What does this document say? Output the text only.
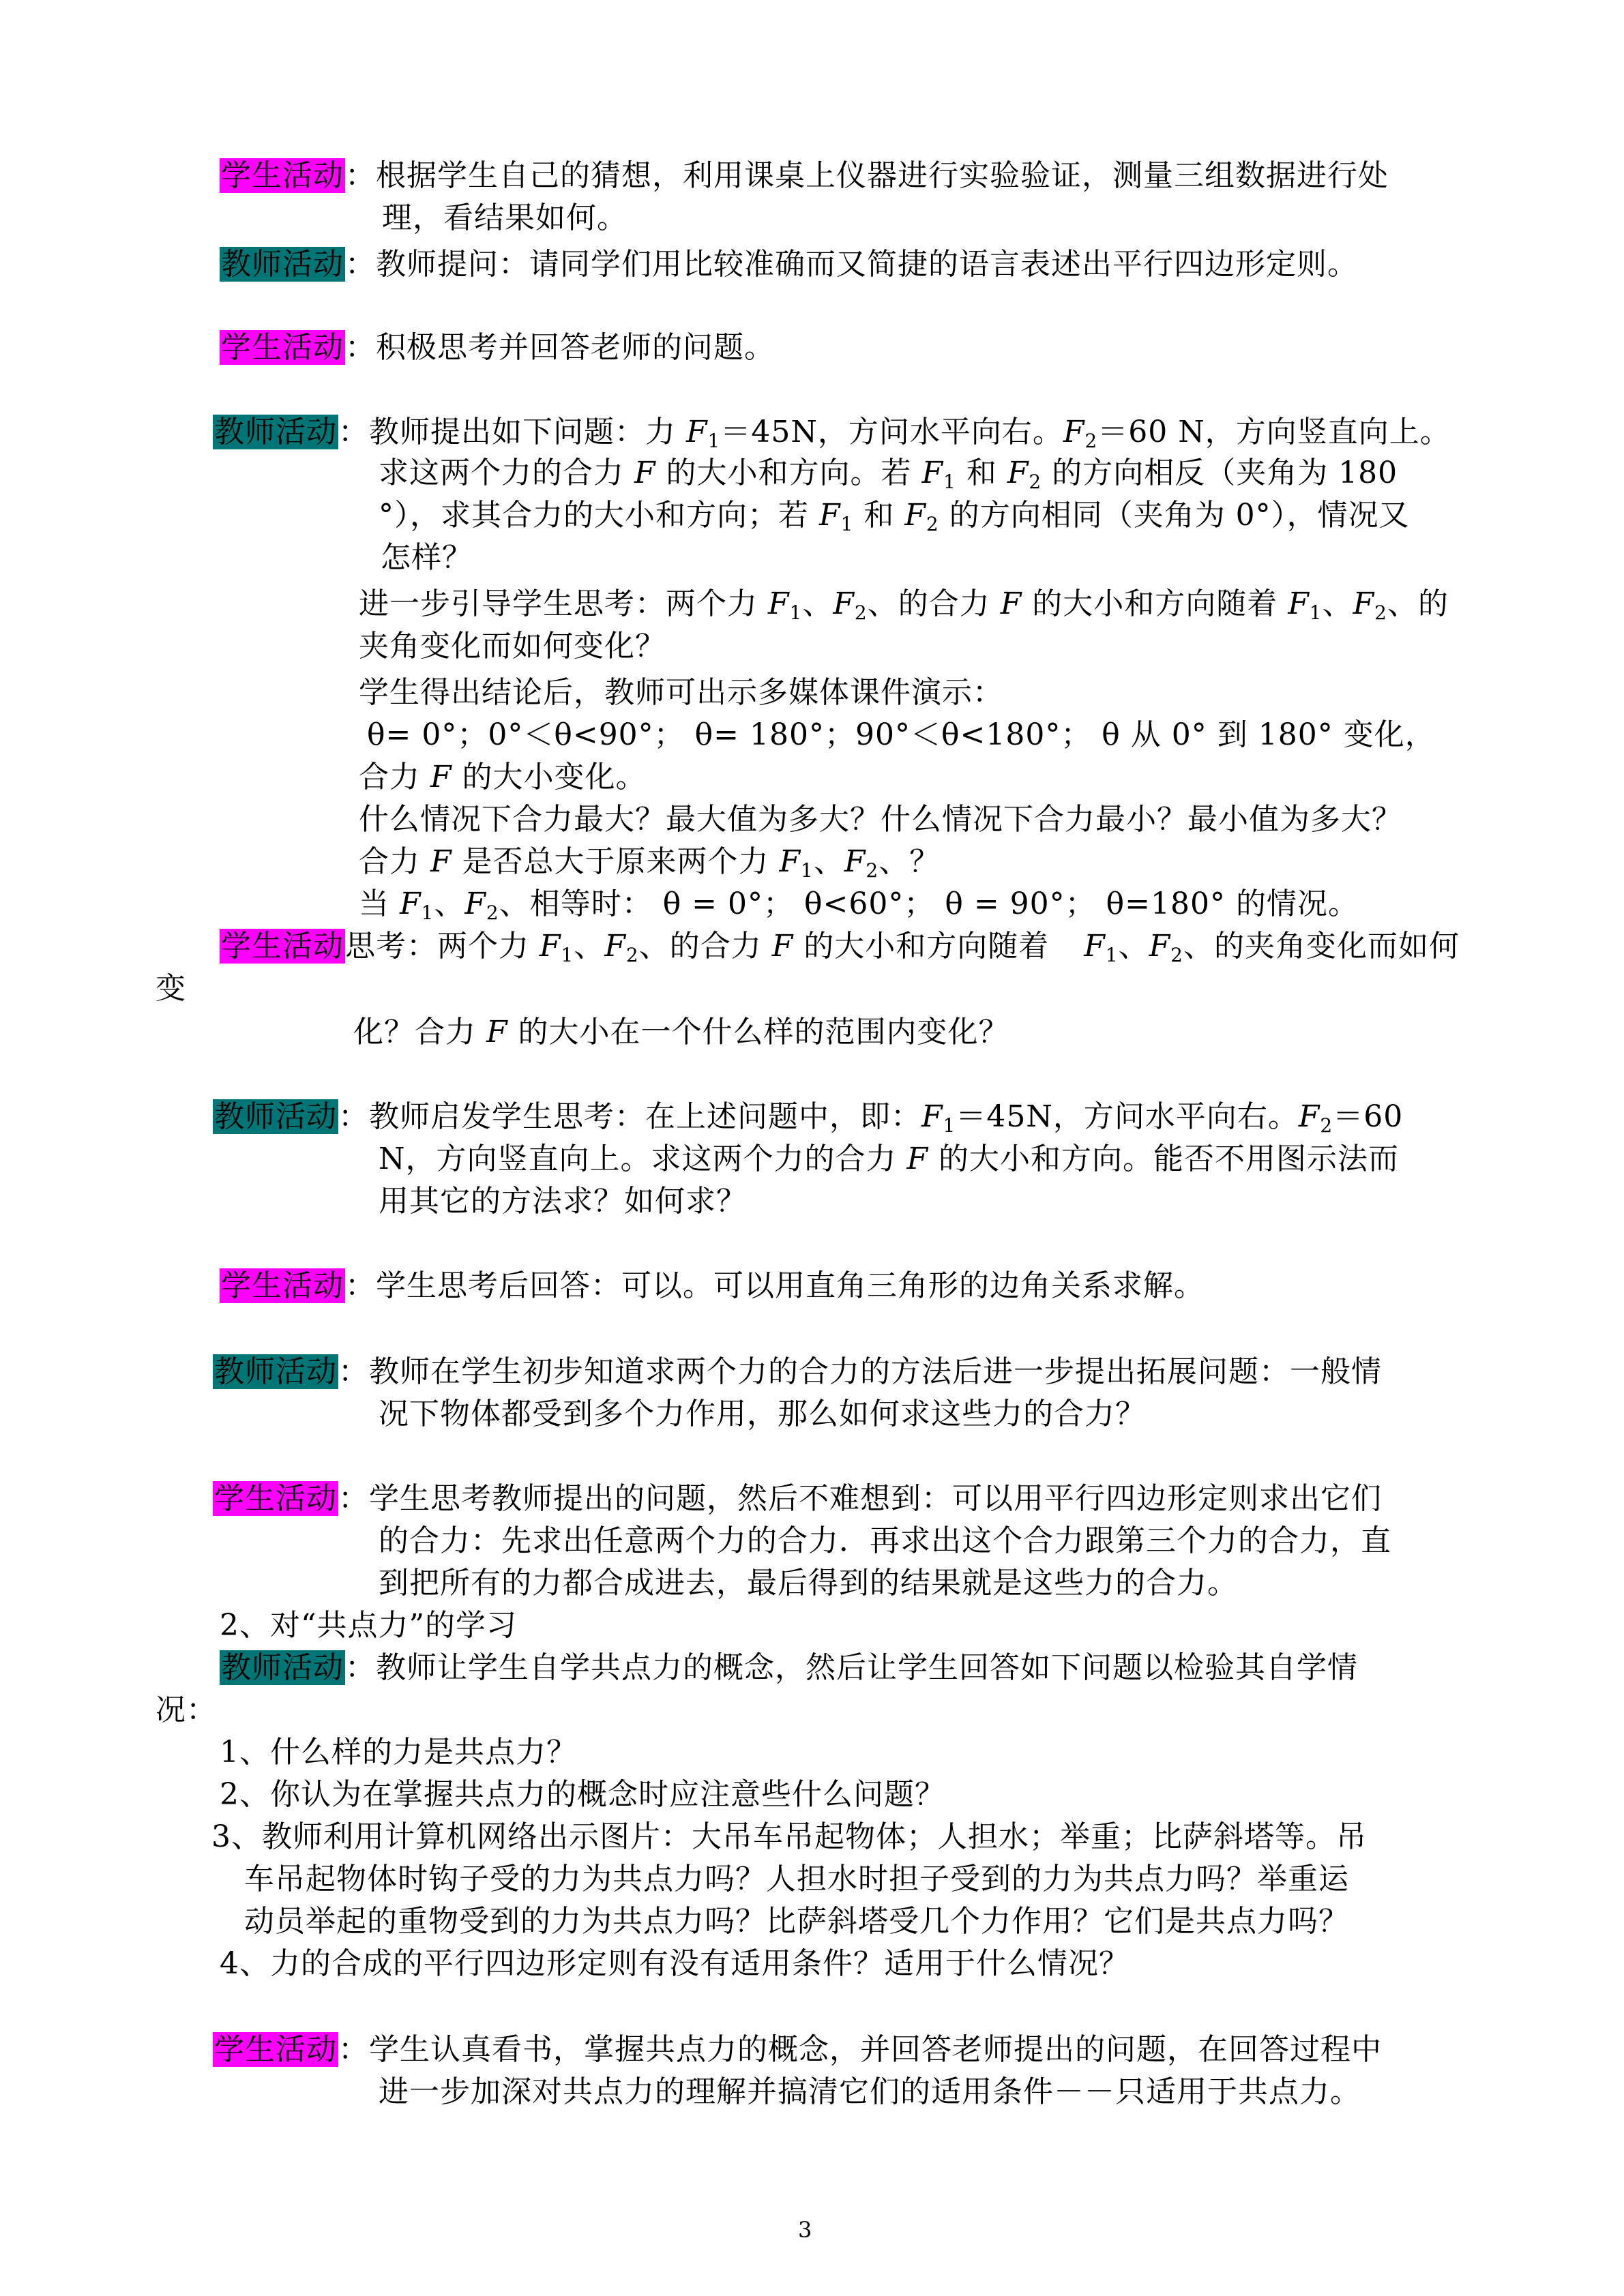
学生活动：根据学生自己的猜想，利用课桌上仪器进行实验验证，测量三组数据进行处
理，看结果如何。
教师活动：教师提问：请同学们用比较准确而又简捷的语言表述出平行四边形定则。
学生活动：积极思考并回答老师的问题。
教师活动：教师提出如下问题：力 $F_1=45N$，方问水平向右。$F_2=60$ N，方向竖直向上。
求这两个力的合力 F 的大小和方向。若 $F_1$ 和 $F_2$ 的方向相反（夹角为 180
°），求其合力的大小和方向；若 $F_1$ 和 $F_2$ 的方向相同（夹角为 0°），情况又
怎样？
进一步引导学生思考：两个力 $F_1$、$F_2$、的合力 F 的大小和方向随着 $F_1$、$F_2$、的
夹角变化而如何变化？
学生得出结论后，教师可出示多媒体课件演示：
θ= 0°；0°＜θ<90°； θ= 180°；90°＜θ<180°； θ 从 0° 到 180° 变化，
合力 F 的大小变化。
什么情况下合力最大？最大值为多大？什么情况下合力最小？最小值为多大？
合力 F 是否总大于原来两个力 $F_1$、$F_2$、？
当 $F_1$、$F_2$、相等时： θ = 0°； θ<60°； θ = 90°； θ=180° 的情况。
学生活动思考：两个力 $F_1$、$F_2$、的合力 F 的大小和方向随着 $F_1$、$F_2$、的夹角变化而如何
变
化？合力 F 的大小在一个什么样的范围内变化？
教师活动：教师启发学生思考：在上述问题中，即：$F_1=45N$，方问水平向右。$F_2=60$
N，方向竖直向上。求这两个力的合力 F 的大小和方向。能否不用图示法而
用其它的方法求？如何求？
学生活动：学生思考后回答：可以。可以用直角三角形的边角关系求解。
教师活动：教师在学生初步知道求两个力的合力的方法后进一步提出拓展问题：一般情
况下物体都受到多个力作用，那么如何求这些力的合力？
学生活动：学生思考教师提出的问题，然后不难想到：可以用平行四边形定则求出它们
的合力：先求出任意两个力的合力．再求出这个合力跟第三个力的合力，直
到把所有的力都合成进去，最后得到的结果就是这些力的合力。
2、对“共点力”的学习
教师活动：教师让学生自学共点力的概念，然后让学生回答如下问题以检验其自学情
况：
1、什么样的力是共点力？
2、你认为在掌握共点力的概念时应注意些什么问题？
3、教师利用计算机网络出示图片：大吊车吊起物体；人担水；举重；比萨斜塔等。吊
车吊起物体时钩子受的力为共点力吗？人担水时担子受到的力为共点力吗？举重运
动员举起的重物受到的力为共点力吗？比萨斜塔受几个力作用？它们是共点力吗？
4、力的合成的平行四边形定则有没有适用条件？适用于什么情况？
学生活动：学生认真看书，掌握共点力的概念，并回答老师提出的问题，在回答过程中
进一步加深对共点力的理解并搞清它们的适用条件－－只适用于共点力。
3
